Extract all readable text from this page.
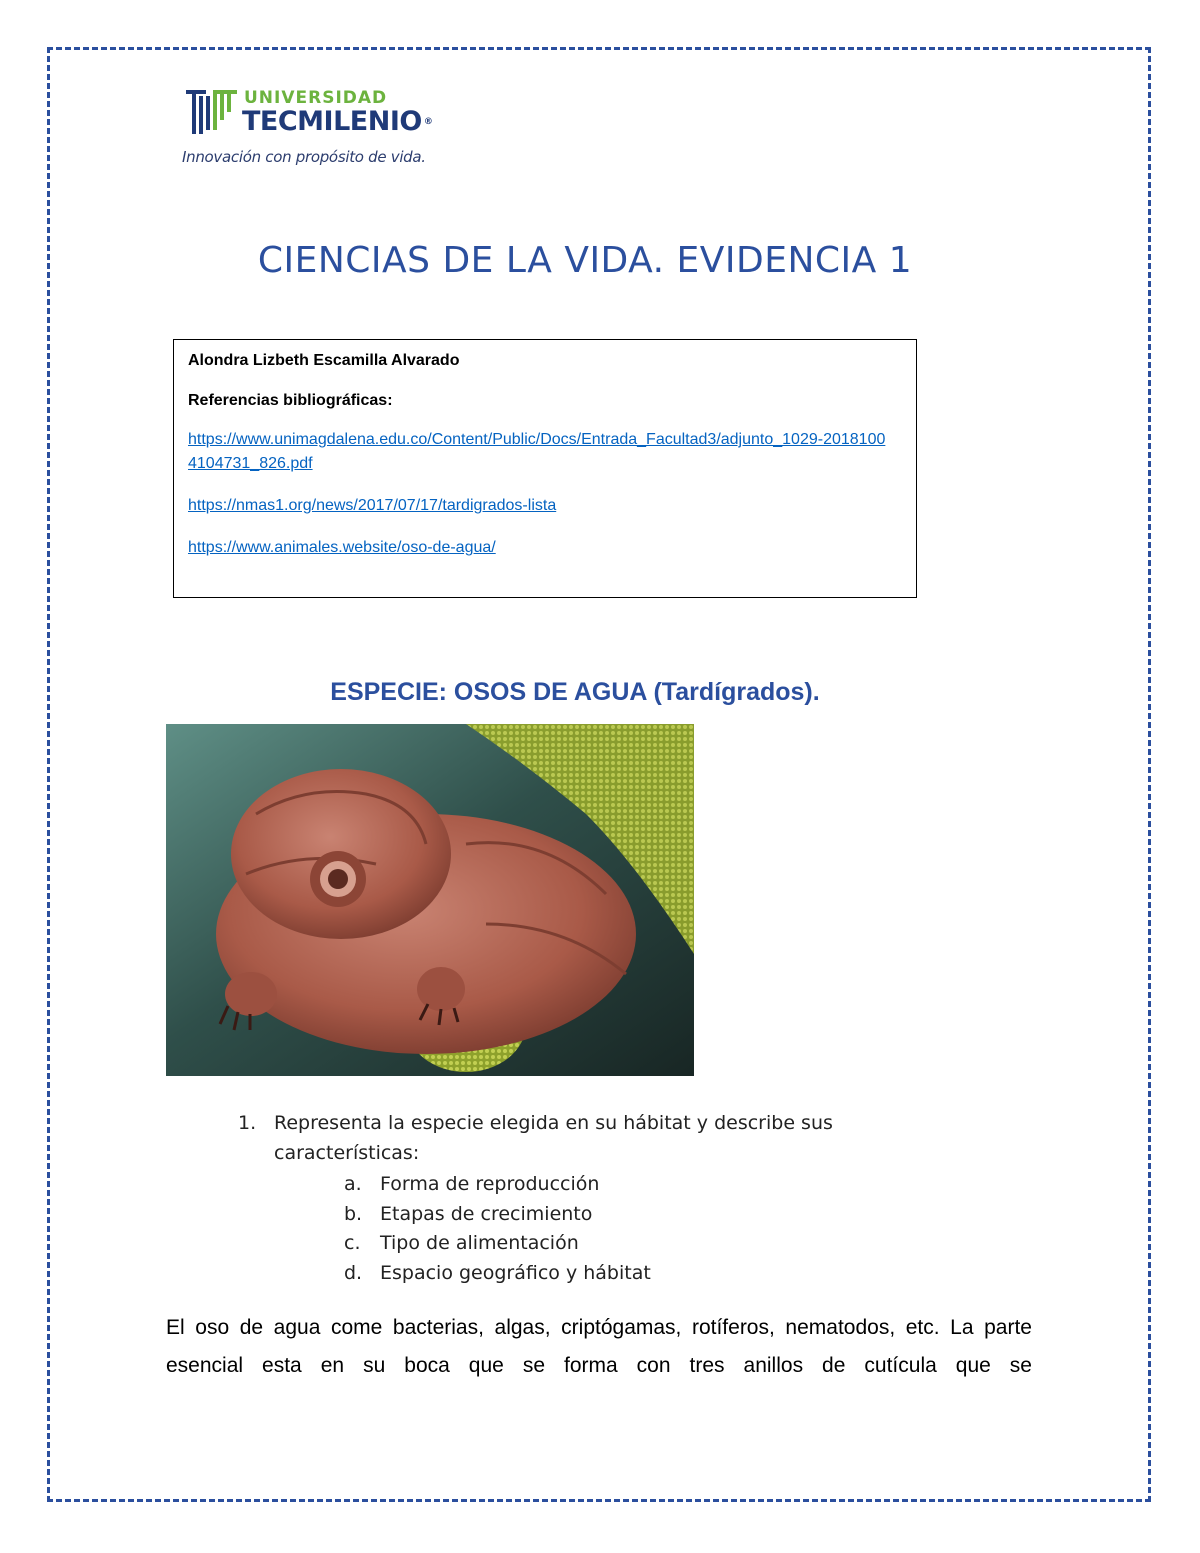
UNIVERSIDAD
TECMILENIO ®
Innovación con propósito de vida.
CIENCIAS DE LA VIDA. EVIDENCIA 1
Alondra Lizbeth Escamilla Alvarado
Referencias bibliográficas:
https://www.unimagdalena.edu.co/Content/Public/Docs/Entrada_Facultad3/adjunto_1029-20181004104731_826.pdf
https://nmas1.org/news/2017/07/17/tardigrados-lista
https://www.animales.website/oso-de-agua/
ESPECIE: OSOS DE AGUA (Tardígrados).
1. Representa la especie elegida en su hábitat y describe sus características:
a. Forma de reproducción
b. Etapas de crecimiento
c.	Tipo de alimentación
d. Espacio geográfico y hábitat
El oso de agua come bacterias, algas, criptógamas, rotíferos, nematodos, etc. La parte esencial esta en su boca que se forma con tres anillos de cutícula que se
